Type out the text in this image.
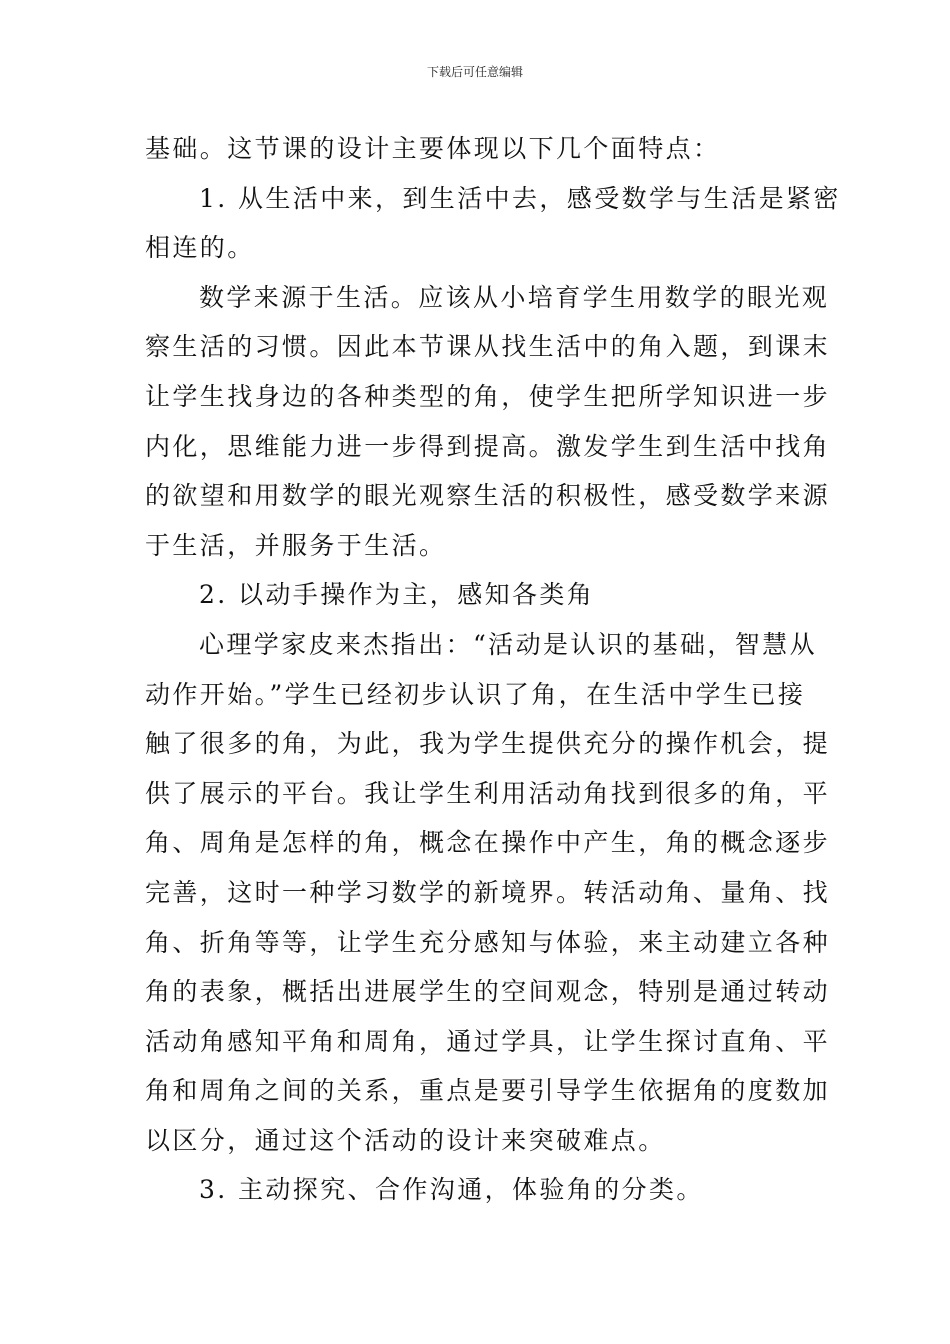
下载后可任意编辑
基础。这节课的设计主要体现以下几个面特点：
1. 从生活中来，到生活中去，感受数学与生活是紧密
相连的。
数学来源于生活。应该从小培育学生用数学的眼光观
察生活的习惯。因此本节课从找生活中的角入题，到课末
让学生找身边的各种类型的角，使学生把所学知识进一步
内化，思维能力进一步得到提高。激发学生到生活中找角
的欲望和用数学的眼光观察生活的积极性，感受数学来源
于生活，并服务于生活。
2. 以动手操作为主，感知各类角
心理学家皮来杰指出：“活动是认识的基础，智慧从
动作开始。”学生已经初步认识了角，在生活中学生已接
触了很多的角，为此，我为学生提供充分的操作机会，提
供了展示的平台。我让学生利用活动角找到很多的角，平
角、周角是怎样的角，概念在操作中产生，角的概念逐步
完善，这时一种学习数学的新境界。转活动角、量角、找
角、折角等等，让学生充分感知与体验，来主动建立各种
角的表象，概括出进展学生的空间观念，特别是通过转动
活动角感知平角和周角，通过学具，让学生探讨直角、平
角和周角之间的关系，重点是要引导学生依据角的度数加
以区分，通过这个活动的设计来突破难点。
3. 主动探究、合作沟通，体验角的分类。
